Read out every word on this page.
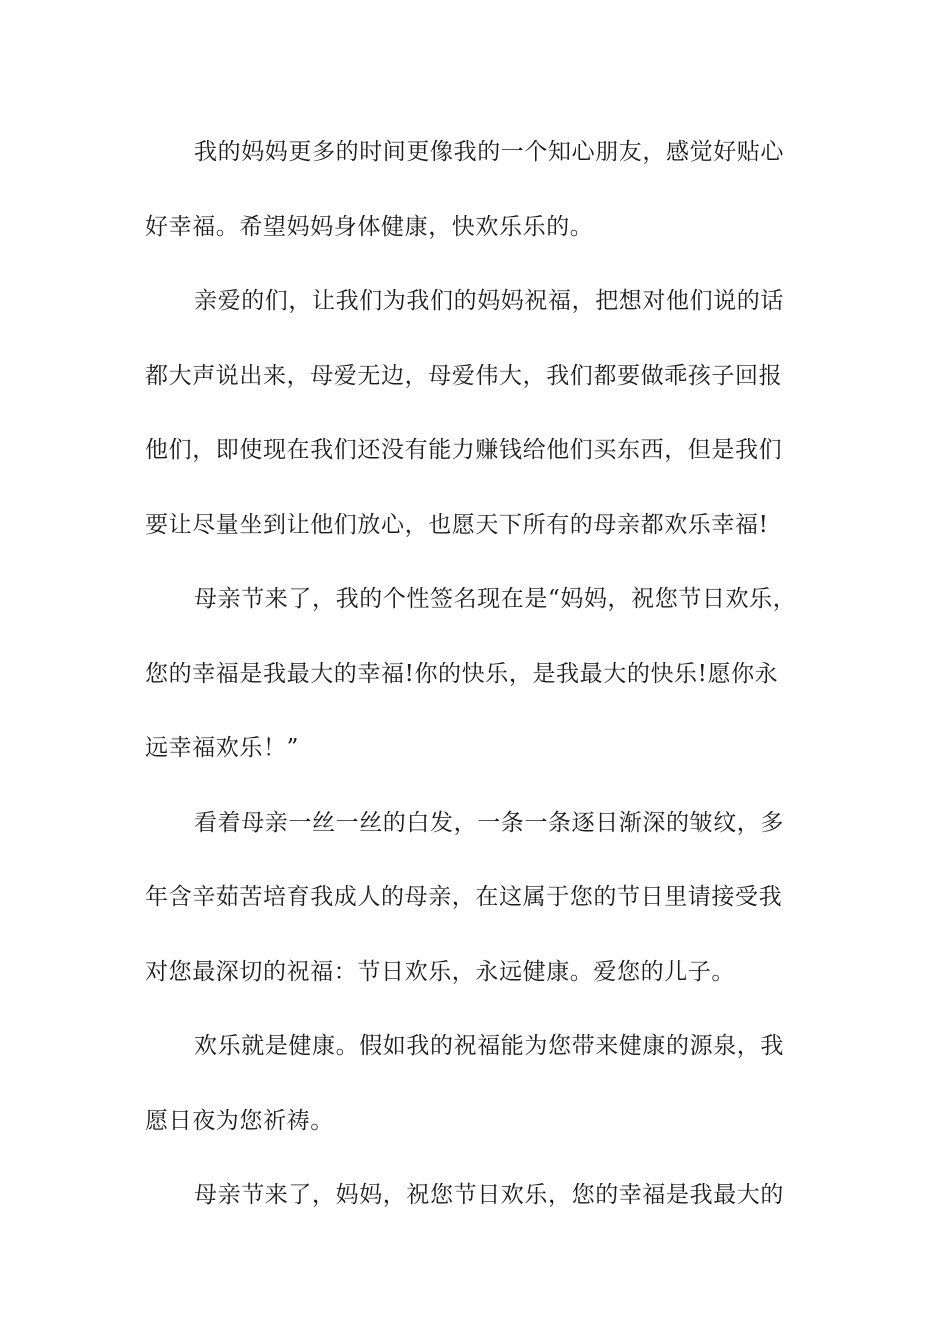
我的妈妈更多的时间更像我的一个知心朋友，感觉好贴心
好幸福。希望妈妈身体健康，快欢乐乐的。
亲爱的们，让我们为我们的妈妈祝福，把想对他们说的话
都大声说出来，母爱无边，母爱伟大，我们都要做乖孩子回报
他们，即使现在我们还没有能力赚钱给他们买东西，但是我们
要让尽量坐到让他们放心，也愿天下所有的母亲都欢乐幸福!
母亲节来了，我的个性签名现在是“妈妈，祝您节日欢乐，
您的幸福是我最大的幸福!你的快乐，是我最大的快乐!愿你永
远幸福欢乐！”
看着母亲一丝一丝的白发，一条一条逐日渐深的皱纹，多
年含辛茹苦培育我成人的母亲，在这属于您的节日里请接受我
对您最深切的祝福：节日欢乐，永远健康。爱您的儿子。
欢乐就是健康。假如我的祝福能为您带来健康的源泉，我
愿日夜为您祈祷。
母亲节来了，妈妈，祝您节日欢乐，您的幸福是我最大的
